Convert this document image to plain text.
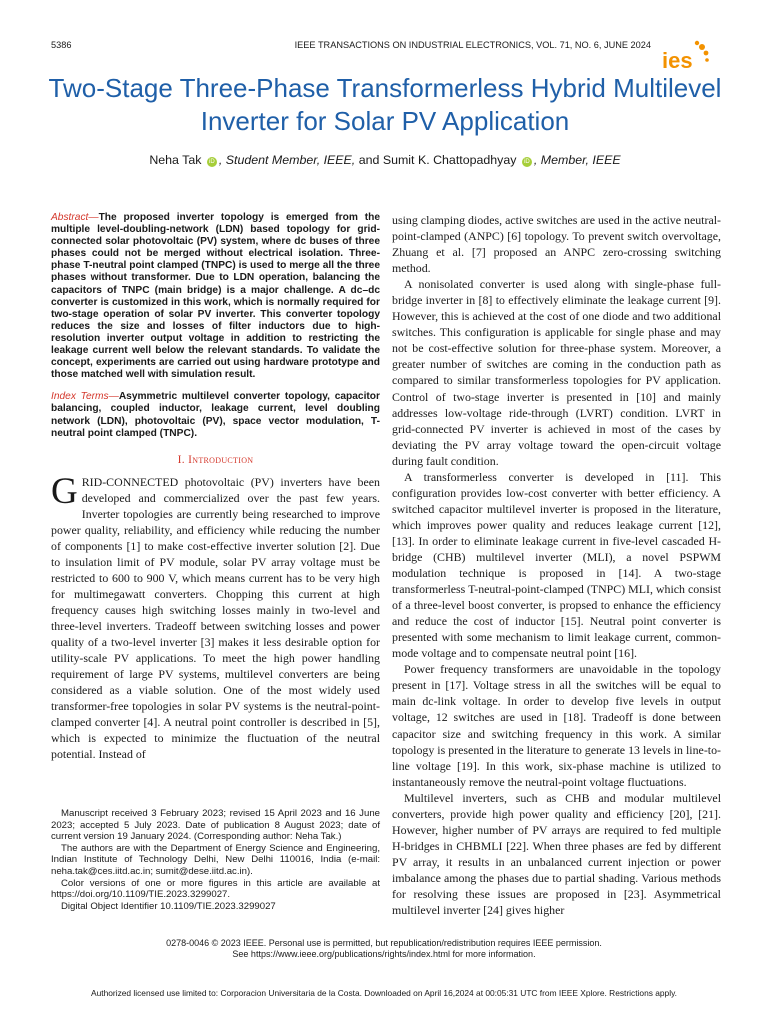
5386	IEEE TRANSACTIONS ON INDUSTRIAL ELECTRONICS, VOL. 71, NO. 6, JUNE 2024
ies
Two-Stage Three-Phase Transformerless Hybrid Multilevel Inverter for Solar PV Application
Neha Tak iD , Student Member, IEEE, and Sumit K. Chattopadhyay iD , Member, IEEE

Abstract—The proposed inverter topology is emerged from the multiple level-doubling-network (LDN) based topology for grid-connected solar photovoltaic (PV) system, where dc buses of three phases could not be merged without electrical isolation. Three-phase T-neutral point clamped (TNPC) is used to merge all the three phases without transformer. Due to LDN operation, balancing the capacitors of TNPC (main bridge) is a major challenge. A dc–dc converter is customized in this work, which is normally required for two-stage operation of solar PV inverter. This converter topology reduces the size and losses of filter inductors due to high-resolution inverter output voltage in addition to restricting the leakage current well below the relevant standards. To validate the concept, experiments are carried out using hardware prototype and those matched well with simulation result.

Index Terms—Asymmetric multilevel converter topology, capacitor balancing, coupled inductor, leakage current, level doubling network (LDN), photovoltaic (PV), space vector modulation, T-neutral point clamped (TNPC).

I. Introduction

GRID-CONNECTED photovoltaic (PV) inverters have been developed and commercialized over the past few years. Inverter topologies are currently being researched to improve power quality, reliability, and efficiency while reducing the number of components [1] to make cost-effective inverter solution [2]. Due to insulation limit of PV module, solar PV array voltage must be restricted to 600 to 900 V, which means current has to be very high for multimegawatt converters. Chopping this current at high frequency causes high switching losses mainly in two-level and three-level inverters. Tradeoff between switching losses and power quality of a two-level inverter [3] makes it less desirable option for utility-scale PV applications. To meet the high power handling requirement of large PV systems, multilevel converters are being considered as a viable solution. One of the most widely used transformer-free topologies in solar PV systems is the neutral-point-clamped converter [4]. A neutral point controller is described in [5], which is expected to minimize the fluctuation of the neutral potential. Instead of

Manuscript received 3 February 2023; revised 15 April 2023 and 16 June 2023; accepted 5 July 2023. Date of publication 8 August 2023; date of current version 19 January 2024. (Corresponding author: Neha Tak.)

The authors are with the Department of Energy Science and Engineering, Indian Institute of Technology Delhi, New Delhi 110016, India (e-mail: neha.tak@ces.iitd.ac.in; sumit@dese.iitd.ac.in).

Color versions of one or more figures in this article are available at https://doi.org/10.1109/TIE.2023.3299027.

Digital Object Identifier 10.1109/TIE.2023.3299027

using clamping diodes, active switches are used in the active neutral-point-clamped (ANPC) [6] topology. To prevent switch overvoltage, Zhuang et al. [7] proposed an ANPC zero-crossing switching method.

A nonisolated converter is used along with single-phase full-bridge inverter in [8] to effectively eliminate the leakage current [9]. However, this is achieved at the cost of one diode and two additional switches. This configuration is applicable for single phase and may not be cost-effective solution for three-phase system. Moreover, a greater number of switches are coming in the conduction path as compared to similar transformerless topologies for PV application. Control of two-stage inverter is presented in [10] and mainly addresses low-voltage ride-through (LVRT) condition. LVRT in grid-connected PV inverter is achieved in most of the cases by deviating the PV array voltage toward the open-circuit voltage during fault condition.

A transformerless converter is developed in [11]. This configuration provides low-cost converter with better efficiency. A switched capacitor multilevel inverter is proposed in the literature, which improves power quality and reduces leakage current [12], [13]. In order to eliminate leakage current in five-level cascaded H-bridge (CHB) multilevel inverter (MLI), a novel PSPWM modulation technique is proposed in [14]. A two-stage transformerless T-neutral-point-clamped (TNPC) MLI, which consist of a three-level boost converter, is propsed to enhance the efficiency and reduce the cost of inductor [15]. Neutral point converter is presented with some mechanism to limit leakage current, common-mode voltage and to compensate neutral point [16].

Power frequency transformers are unavoidable in the topology present in [17]. Voltage stress in all the switches will be equal to main dc-link voltage. In order to develop five levels in output voltage, 12 switches are used in [18]. Tradeoff is done between capacitor size and switching frequency in this work. A similar topology is presented in the literature to generate 13 levels in line-to-line voltage [19]. In this work, six-phase machine is utilized to instantaneously remove the neutral-point voltage fluctuations.

Multilevel inverters, such as CHB and modular multilevel converters, provide high power quality and efficiency [20], [21]. However, higher number of PV arrays are required to fed multiple H-bridges in CHBMLI [22]. When three phases are fed by different PV array, it results in an unbalanced current injection or power imbalance among the phases due to partial shading. Various methods for resolving these issues are proposed in [23]. Asymmetrical multilevel inverter [24] gives higher

0278-0046 © 2023 IEEE. Personal use is permitted, but republication/redistribution requires IEEE permission.
See https://www.ieee.org/publications/rights/index.html for more information.
Authorized licensed use limited to: Corporacion Universitaria de la Costa. Downloaded on April 16,2024 at 00:05:31 UTC from IEEE Xplore. Restrictions apply.
